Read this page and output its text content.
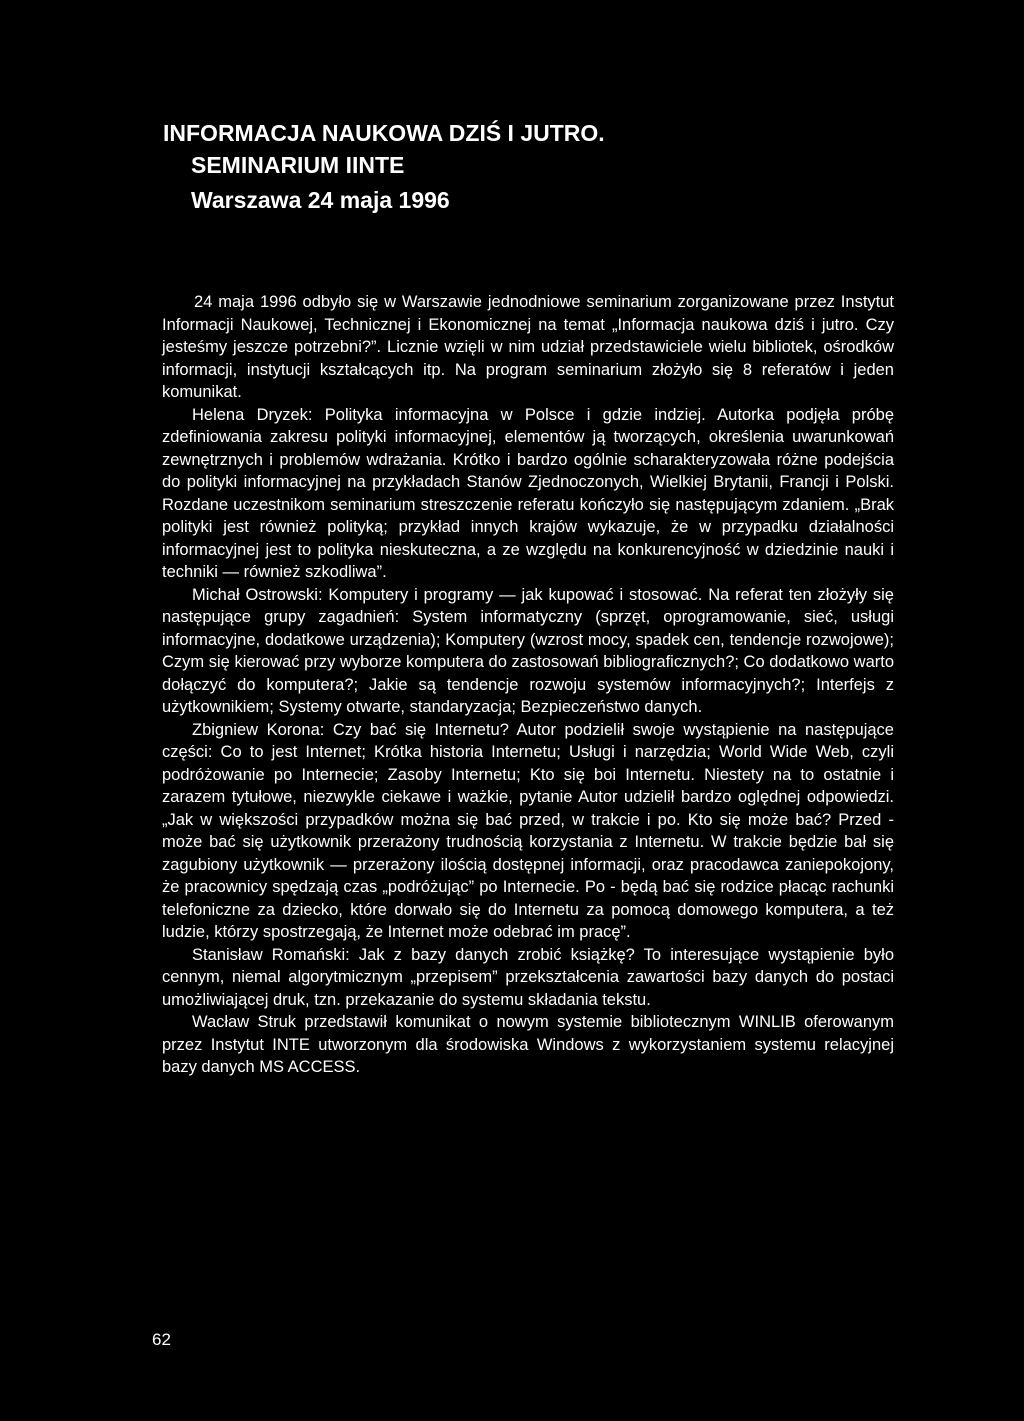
INFORMACJA NAUKOWA DZIŚ I JUTRO.
SEMINARIUM IINTE
Warszawa 24 maja 1996

24 maja 1996 odbyło się w Warszawie jednodniowe seminarium zorganizowane przez Instytut Informacji Naukowej, Technicznej i Ekonomicznej na temat „Informacja naukowa dziś i jutro. Czy jesteśmy jeszcze potrzebni?”. Licznie wzięli w nim udział przedstawiciele wielu bibliotek, ośrodków informacji, instytucji kształcących itp. Na program seminarium złożyło się 8 referatów i jeden komunikat.

Helena Dryzek: Polityka informacyjna w Polsce i gdzie indziej. Autorka podjęła próbę zdefiniowania zakresu polityki informacyjnej, elementów ją tworzących, określenia uwarunkowań zewnętrznych i problemów wdrażania. Krótko i bardzo ogólnie scharakteryzowała różne podejścia do polityki informacyjnej na przykładach Stanów Zjednoczonych, Wielkiej Brytanii, Francji i Polski. Rozdane uczestnikom seminarium streszczenie referatu kończyło się następującym zdaniem. „Brak polityki jest również polityką; przykład innych krajów wykazuje, że w przypadku działalności informacyjnej jest to polityka nieskuteczna, a ze względu na konkurencyjność w dziedzinie nauki i techniki — również szkodliwa”.

Michał Ostrowski: Komputery i programy — jak kupować i stosować. Na referat ten złożyły się następujące grupy zagadnień: System informatyczny (sprzęt, oprogramowanie, sieć, usługi informacyjne, dodatkowe urządzenia); Komputery (wzrost mocy, spadek cen, tendencje rozwojowe); Czym się kierować przy wyborze komputera do zastosowań bibliograficznych?; Co dodatkowo warto dołączyć do komputera?; Jakie są tendencje rozwoju systemów informacyjnych?; Interfejs z użytkownikiem; Systemy otwarte, standaryzacja; Bezpieczeństwo danych.

Zbigniew Korona: Czy bać się Internetu? Autor podzielił swoje wystąpienie na następujące części: Co to jest Internet; Krótka historia Internetu; Usługi i narzędzia; World Wide Web, czyli podróżowanie po Internecie; Zasoby Internetu; Kto się boi Internetu. Niestety na to ostatnie i zarazem tytułowe, niezwykle ciekawe i ważkie, pytanie Autor udzielił bardzo oględnej odpowiedzi. „Jak w większości przypadków można się bać przed, w trakcie i po. Kto się może bać? Przed - może bać się użytkownik przerażony trudnością korzystania z Internetu. W trakcie będzie bał się zagubiony użytkownik — przerażony ilością dostępnej informacji, oraz pracodawca zaniepokojony, że pracownicy spędzają czas „podróżując” po Internecie. Po - będą bać się rodzice płacąc rachunki telefoniczne za dziecko, które dorwało się do Internetu za pomocą domowego komputera, a też ludzie, którzy spostrzegają, że Internet może odebrać im pracę”.

Stanisław Romański: Jak z bazy danych zrobić książkę? To interesujące wystąpienie było cennym, niemal algorytmicznym „przepisem” przekształcenia zawartości bazy danych do postaci umożliwiającej druk, tzn. przekazanie do systemu składania tekstu.

Wacław Struk przedstawił komunikat o nowym systemie bibliotecznym WINLIB oferowanym przez Instytut INTE utworzonym dla środowiska Windows z wykorzystaniem systemu relacyjnej bazy danych MS ACCESS.

62
